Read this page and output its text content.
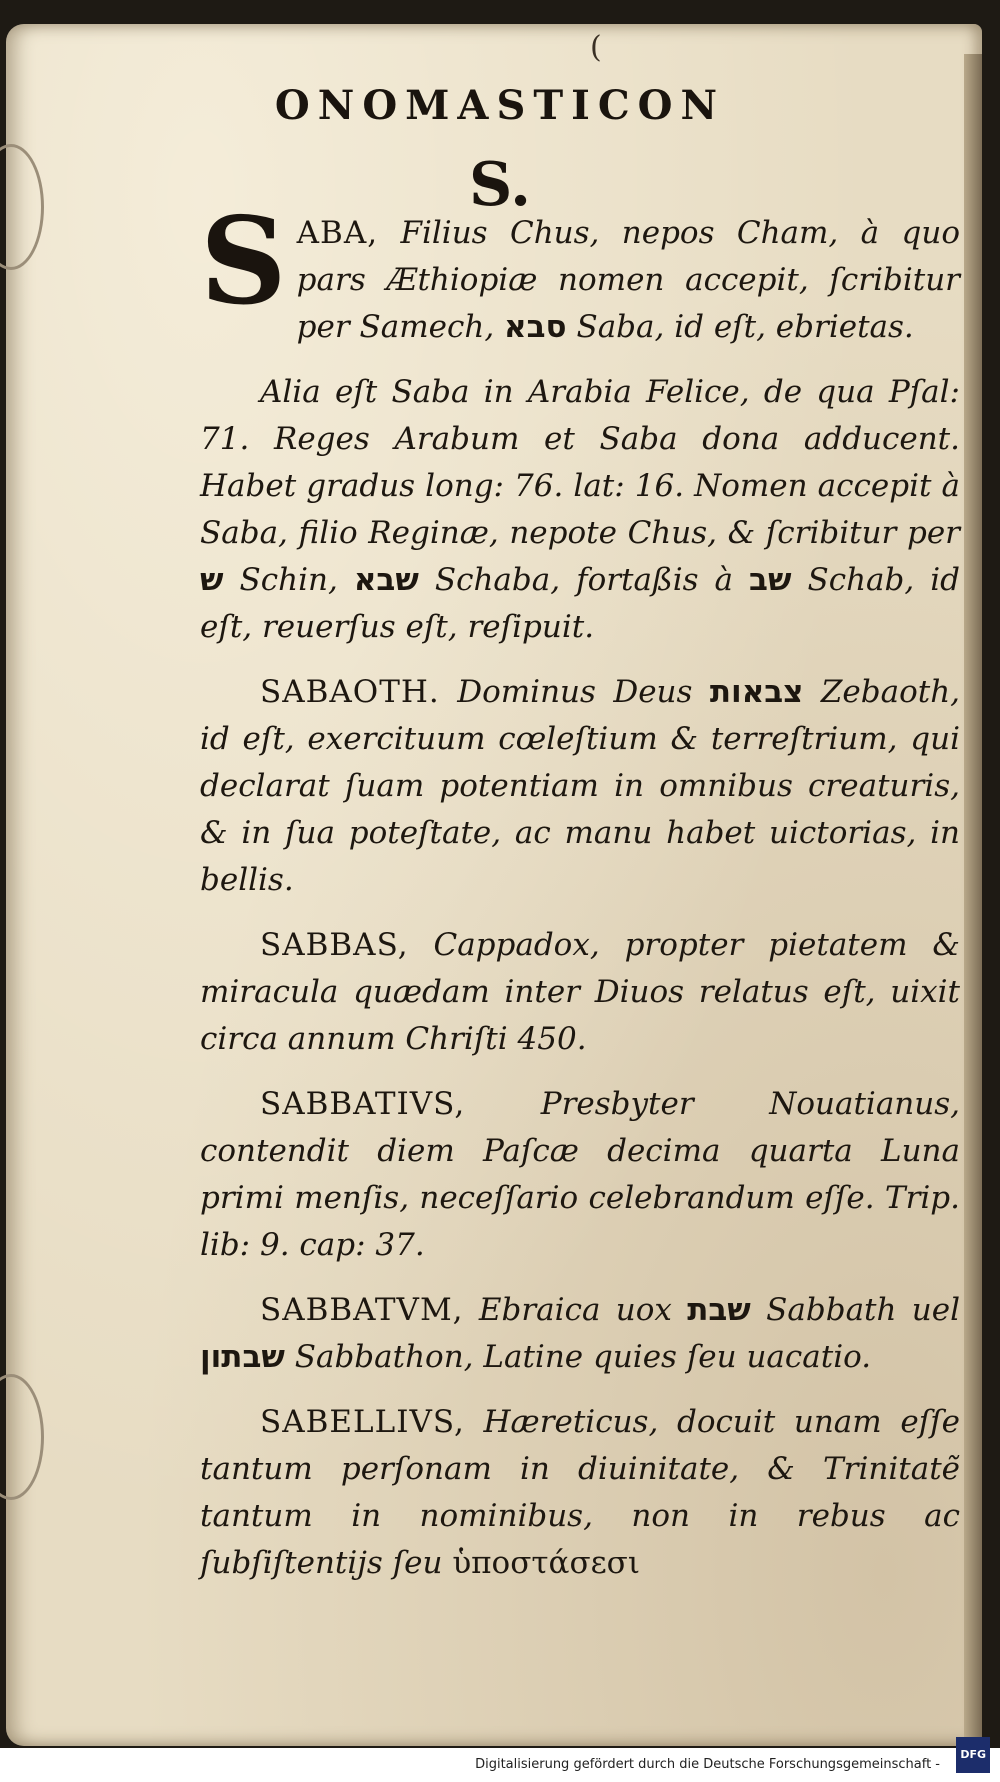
(
ONOMASTICON
S.

S ABA, Filius Chus, nepos Cham, à quo pars Æthiopiæ nomen accepit, ſcribitur per Samech, סבא Saba, id eſt, ebrietas.

Alia eſt Saba in Arabia Felice, de qua Pſal: 71. Reges Arabum et Saba dona adducent. Habet gradus long: 76. lat: 16. Nomen accepit à Saba, filio Reginæ, nepote Chus, & ſcribitur per ש Schin, שבא Schaba, fortaßis à שב Schab, id eſt, reuerſus eſt, reſipuit.

SABAOTH. Dominus Deus צבאות Zebaoth, id eſt, exercituum cœleſtium & terreſtrium, qui declarat ſuam potentiam in omnibus creaturis, & in ſua poteſtate, ac manu habet uictorias, in bellis.

SABBAS, Cappadox, propter pietatem & miracula quædam inter Diuos relatus eſt, uixit circa annum Chriſti 450.

SABBATIVS, Presbyter Nouatianus, contendit diem Paſcæ decima quarta Luna primi menſis, neceſſario celebrandum eſſe. Trip. lib: 9. cap: 37.

SABBATVM, Ebraica uox שבת Sabbath uel שבתון Sabbathon, Latine quies ſeu uacatio.

SABELLIVS, Hæreticus, docuit unam eſſe tantum perſonam in diuinitate, & Trinitatẽ tantum in nominibus, non in rebus ac ſubſiſtentijs ſeu ὑποστάσεσι

Digitalisierung gefördert durch die Deutsche Forschungsgemeinschaft -
DFG
